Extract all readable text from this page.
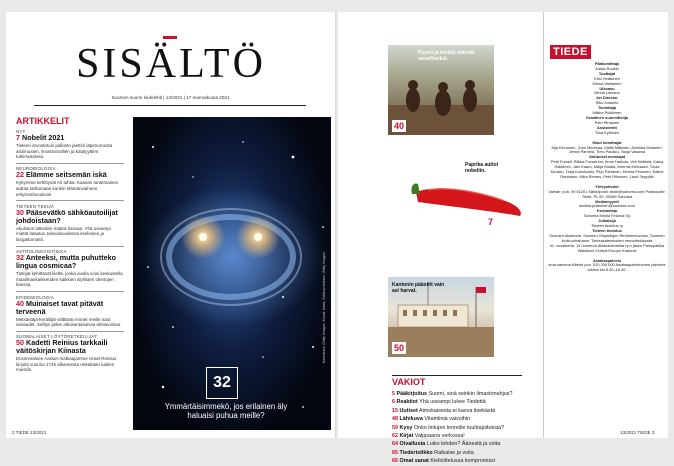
SISÄLTÖ
Suomen suurin tiedelehti | 13/2021 | 17 marraskuuta 2021
ARTIKKELIT
NYT
7 Nobelit 2021
Tieteen arvostetuin palkinto jaettiin läpimurroista aistimusten, ilmastomallien ja katalyyttien tutkimuksissa.
NEUROBIOLOGIA
22 Elämme seitsemän iskä
Kykymme kehittyvät eri tahtia. Kaavan tuntemainen auttaa tarttumaan kunkin elämänvaiheen erityisvahvuuksiin.
TIETEEN TEKIJÄ
30 Pääsevätkö sähköautoilijat johdoistaan?
Akuliston latteiden määrä kasvaa. Yhä useampi miettä latautuu tulevaisuudessa itsekseen ja langattomasti.
ASTROLINGVISTIIKKA
32 Anteeksi, mutta puhutteko lingua cosmicaa?
Tutkijat kehittävät kieltä, jonka avulla voisi keskustella maailmankaikkeuden kaikkien älyllisten olentojen kanssa.
EPIDEMIOLOGIA
40 Muinaiset tavat pitävät terveenä
Metsästäjä-keräilijät välttävät monet meille tutut sairaudet. Selitys piilee alkukantaisessa elintavoissa.
SUOMALAISET LÖYTÖRETKEILIJÄT
50 Kadetti Reinius tarkkaili väitöskirjan Kiinasta
Ensimmäinen Aasian-matkaajamme Israel Reinius kirjoitti vuonna 1745 alkaneesta retkeltään kaiken muistiin.
32
Ymmärtäisimmekö, jos erilainen äly haluaisi puhua meille?
Kansikuva: Getty Images. Kuvat: Nasa, Gallerymeduuri, Getty Images
2 TIEDE 13/2021
Pyynti ja keräily tekevät onnelliseksi.
40
Paprika auttoi nobeliin.
7
Kantonin päästöt vain asi harvat.
50
VAKIOT
5 Pääkirjoitus Suomi, sinä seinkin ilmastonahjus?
6 Reaktiot Yhä useampi lukee Tiedettä
15 Uutiset Aimokaisesta ei kasva itsekästä
48 Lähikuva Vitamiinia vaivoihin
59 Kysy Onko lintujen lennolle tuulirajoituksia?
62 Kirjat Valppaana verkossa!
64 Oivallusta Luiko lehden? Äänestä ja voita
65 Tiederistikko Ratkaise ja voita
66 Omat sanat Kielloittelussa kompromissi
TIEDE
Päätoimittaja
Jukka Ruukki
Tuottajat
Kirsi Heikkinen
Minna Vartiainen
Ulkoasu
Minna Larsson
Art Director
Riku Koskelo
Toimittaja
Miikka Pulkkinen
Graafinen suunnittelija
Petri Rintanen
Assistentti
Tiina Kyllönen
Muut toimittajat
Aija Kinnunen, Juho Merimaa, Mattii Mäkinen, Annikka Mutanen, Jenna Parnela, Timo Paukku, Tanja Vasama
Vakituiset avustajat
Petri Forsell, Riikka Forsström, Anne Halkola, Veli Heikkilä, Kaisa Häkkinen, Jani Kaaro, Maija Karala, Artemis Kelosaari, Tuula Kousku, Tarja Kuusikoski, Pirjo Partanen, Henna Pesonen, Kalevi Rantanen, Mika Remes, Petri Riikonen, Lauri Seppälä
Yhteystiedot
Vaihde: puh. 09 61201 Sähköposti: tiede@sanoma.com Postiosoite: Tiede, PL 60, 00089 Sanoma
Mediamyynti
sinikka.pulkkinen@sanoma.com
Kustantaja
Sanoma Media Finland Oy
Julkaisija
Tieteen tiedotus ry
Tieteen tiedotus
Suomen Akatemia, Suomen Yliopistojen Rehtorineuvosto, Suomen Kulttuurirahasto, Tiedeakatemioiden neuvottelukunta
41. vuosikerta, 14 numeroa Aikakausmedia ry:n jäsen Painopaikka Walstead Central Europe Krakova
Asiakaspalvelu
oma.sanoma.fi/tiede puh. 020 339 000 Asiakaspalvelumme palvelee arkisin klo 8.30–16.30.
13/2021 TIEDE 3
